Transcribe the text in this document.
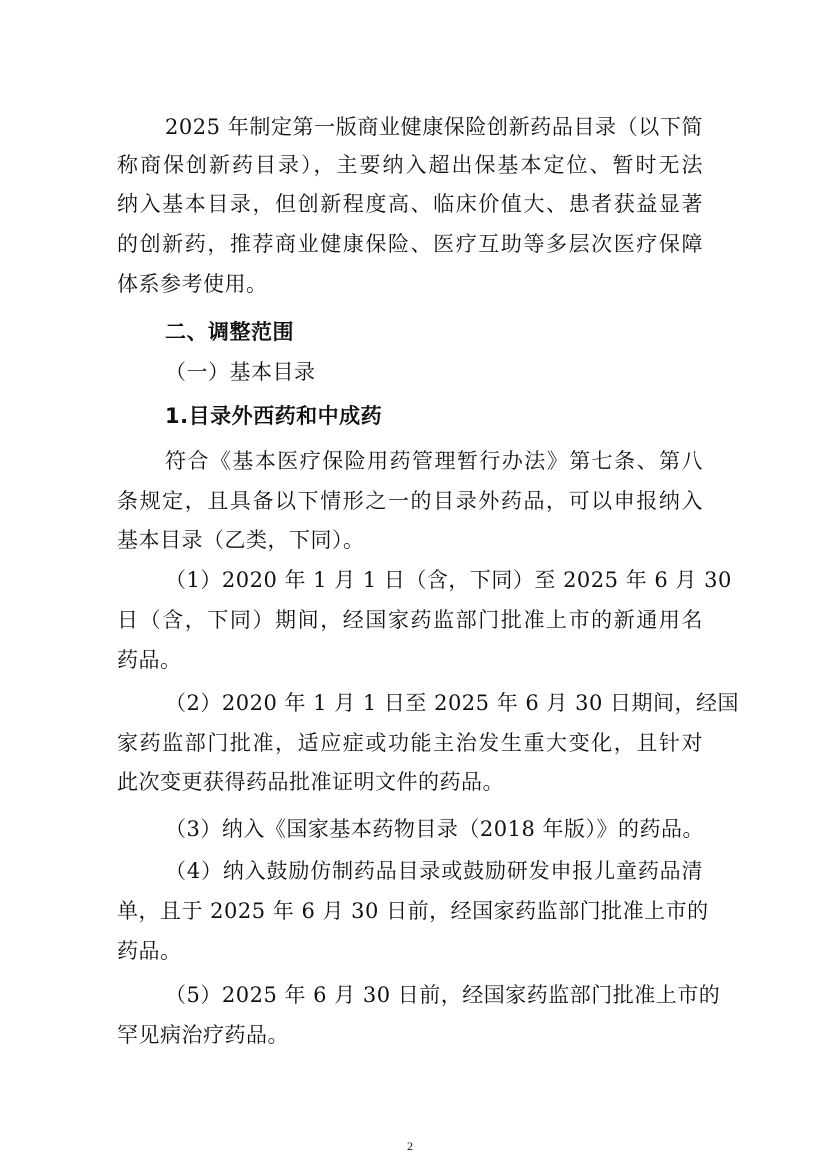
2025 年制定第一版商业健康保险创新药品目录（以下简
称商保创新药目录），主要纳入超出保基本定位、暂时无法
纳入基本目录，但创新程度高、临床价值大、患者获益显著
的创新药，推荐商业健康保险、医疗互助等多层次医疗保障
体系参考使用。
二、调整范围
（一）基本目录
1.目录外西药和中成药
符合《基本医疗保险用药管理暂行办法》第七条、第八
条规定，且具备以下情形之一的目录外药品，可以申报纳入
基本目录（乙类，下同）。
（1）2020 年 1 月 1 日（含，下同）至 2025 年 6 月 30
日（含，下同）期间，经国家药监部门批准上市的新通用名
药品。
（2）2020 年 1 月 1 日至 2025 年 6 月 30 日期间，经国
家药监部门批准，适应症或功能主治发生重大变化，且针对
此次变更获得药品批准证明文件的药品。
（3）纳入《国家基本药物目录（2018 年版）》的药品。
（4）纳入鼓励仿制药品目录或鼓励研发申报儿童药品清
单，且于 2025 年 6 月 30 日前，经国家药监部门批准上市的
药品。
（5）2025 年 6 月 30 日前，经国家药监部门批准上市的
罕见病治疗药品。
2
